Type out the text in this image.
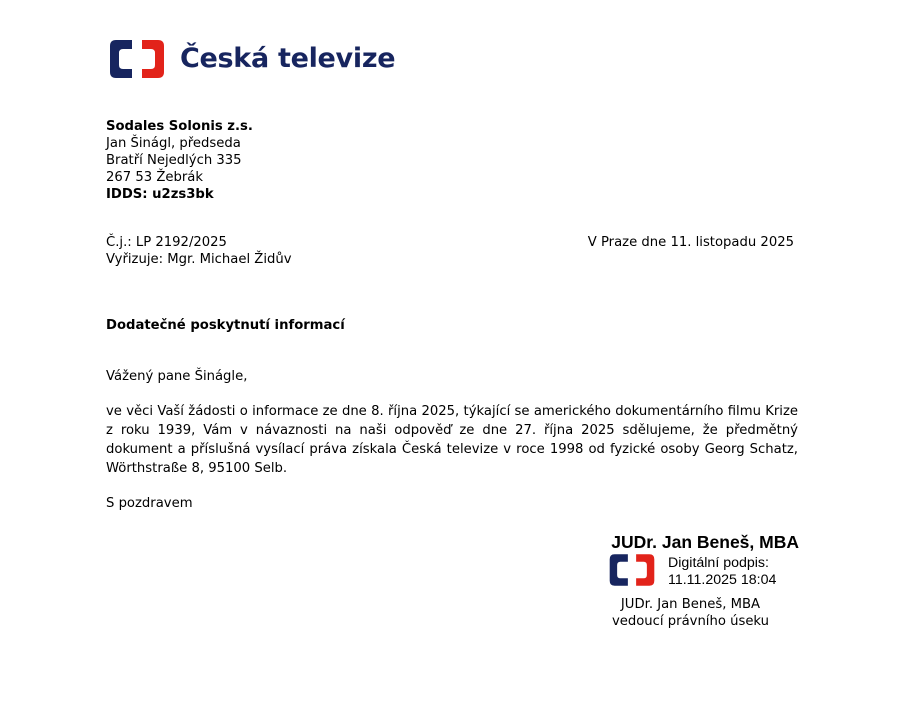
Česká televize
Sodales Solonis z.s.
Jan Šinágl, předseda
Bratří Nejedlých 335
267 53 Žebrák
IDDS: u2zs3bk
Č.j.: LP 2192/2025
Vyřizuje: Mgr. Michael Židův
V Praze dne 11. listopadu 2025
Dodatečné poskytnutí informací
Vážený pane Šinágle,
ve věci Vaší žádosti o informace ze dne 8. října 2025, týkající se amerického dokumentárního filmu Krize z roku 1939, Vám v návaznosti na naši odpověď ze dne 27. října 2025 sdělujeme, že předmětný dokument a příslušná vysílací práva získala Česká televize v roce 1998 od fyzické osoby Georg Schatz, Wörthstraße 8, 95100 Selb.
S pozdravem
JUDr. Jan Beneš, MBA
Digitální podpis:
11.11.2025 18:04
JUDr. Jan Beneš, MBA
vedoucí právního úseku
